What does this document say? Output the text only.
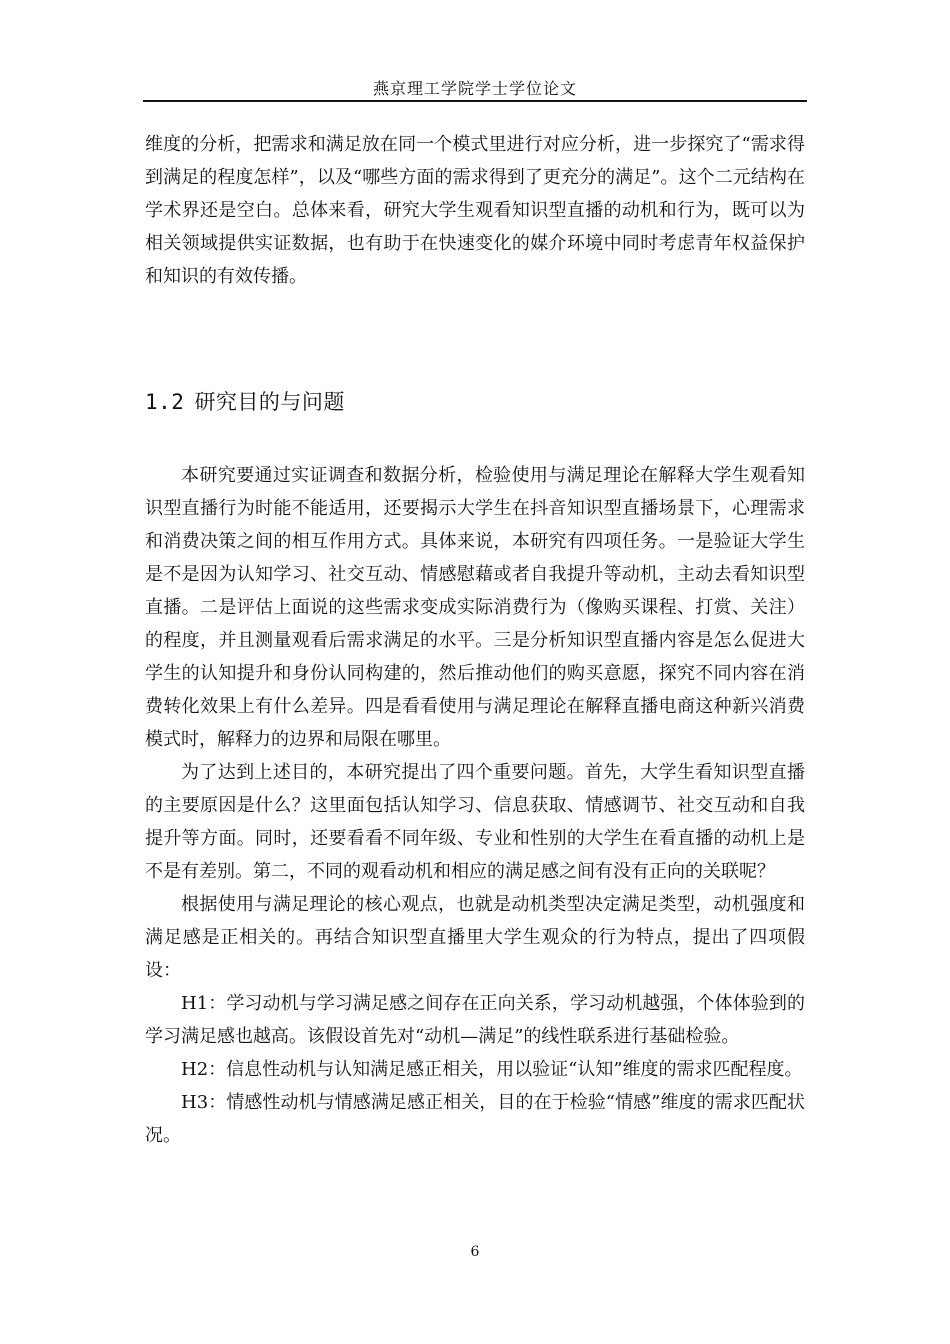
燕京理工学院学士学位论文

维度的分析，把需求和满足放在同一个模式里进行对应分析，进一步探究了“需求得到满足的程度怎样”，以及“哪些方面的需求得到了更充分的满足”。这个二元结构在学术界还是空白。总体来看，研究大学生观看知识型直播的动机和行为，既可以为相关领域提供实证数据，也有助于在快速变化的媒介环境中同时考虑青年权益保护和知识的有效传播。

1.2 研究目的与问题

本研究要通过实证调查和数据分析，检验使用与满足理论在解释大学生观看知识型直播行为时能不能适用，还要揭示大学生在抖音知识型直播场景下，心理需求和消费决策之间的相互作用方式。具体来说，本研究有四项任务。一是验证大学生是不是因为认知学习、社交互动、情感慰藉或者自我提升等动机，主动去看知识型直播。二是评估上面说的这些需求变成实际消费行为（像购买课程、打赏、关注）的程度，并且测量观看后需求满足的水平。三是分析知识型直播内容是怎么促进大学生的认知提升和身份认同构建的，然后推动他们的购买意愿，探究不同内容在消费转化效果上有什么差异。四是看看使用与满足理论在解释直播电商这种新兴消费模式时，解释力的边界和局限在哪里。

为了达到上述目的，本研究提出了四个重要问题。首先，大学生看知识型直播的主要原因是什么？这里面包括认知学习、信息获取、情感调节、社交互动和自我提升等方面。同时，还要看看不同年级、专业和性别的大学生在看直播的动机上是不是有差别。第二，不同的观看动机和相应的满足感之间有没有正向的关联呢？

根据使用与满足理论的核心观点，也就是动机类型决定满足类型，动机强度和满足感是正相关的。再结合知识型直播里大学生观众的行为特点，提出了四项假设：

H1：学习动机与学习满足感之间存在正向关系，学习动机越强，个体体验到的学习满足感也越高。该假设首先对“动机—满足”的线性联系进行基础检验。

H2：信息性动机与认知满足感正相关，用以验证“认知”维度的需求匹配程度。

H3：情感性动机与情感满足感正相关，目的在于检验“情感”维度的需求匹配状况。

6
